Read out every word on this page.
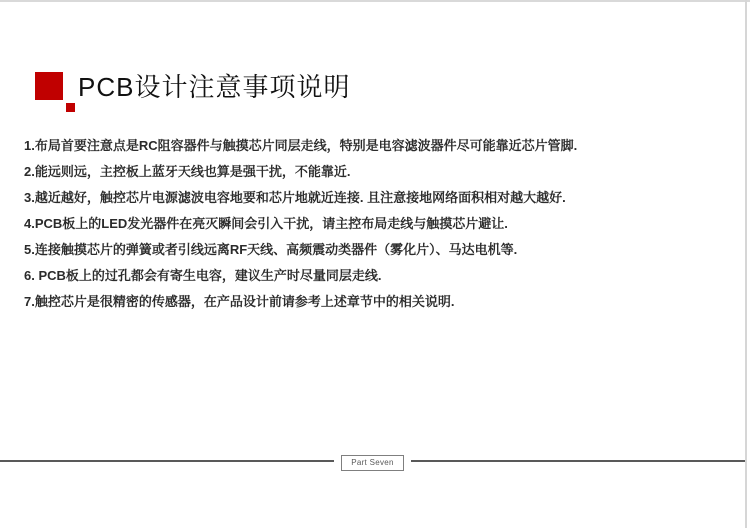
PCB设计注意事项说明
1.布局首要注意点是RC阻容器件与触摸芯片同层走线，特别是电容滤波器件尽可能靠近芯片管脚.
2.能远则远，主控板上蓝牙天线也算是强干扰，不能靠近.
3.越近越好，触控芯片电源滤波电容地要和芯片地就近连接. 且注意接地网络面积相对越大越好.
4.PCB板上的LED发光器件在亮灭瞬间会引入干扰，请主控布局走线与触摸芯片避让.
5.连接触摸芯片的弹簧或者引线远离RF天线、高频震动类器件（雾化片）、马达电机等.
6. PCB板上的过孔都会有寄生电容，建议生产时尽量同层走线.
7.触控芯片是很精密的传感器，在产品设计前请参考上述章节中的相关说明.
Part Seven
